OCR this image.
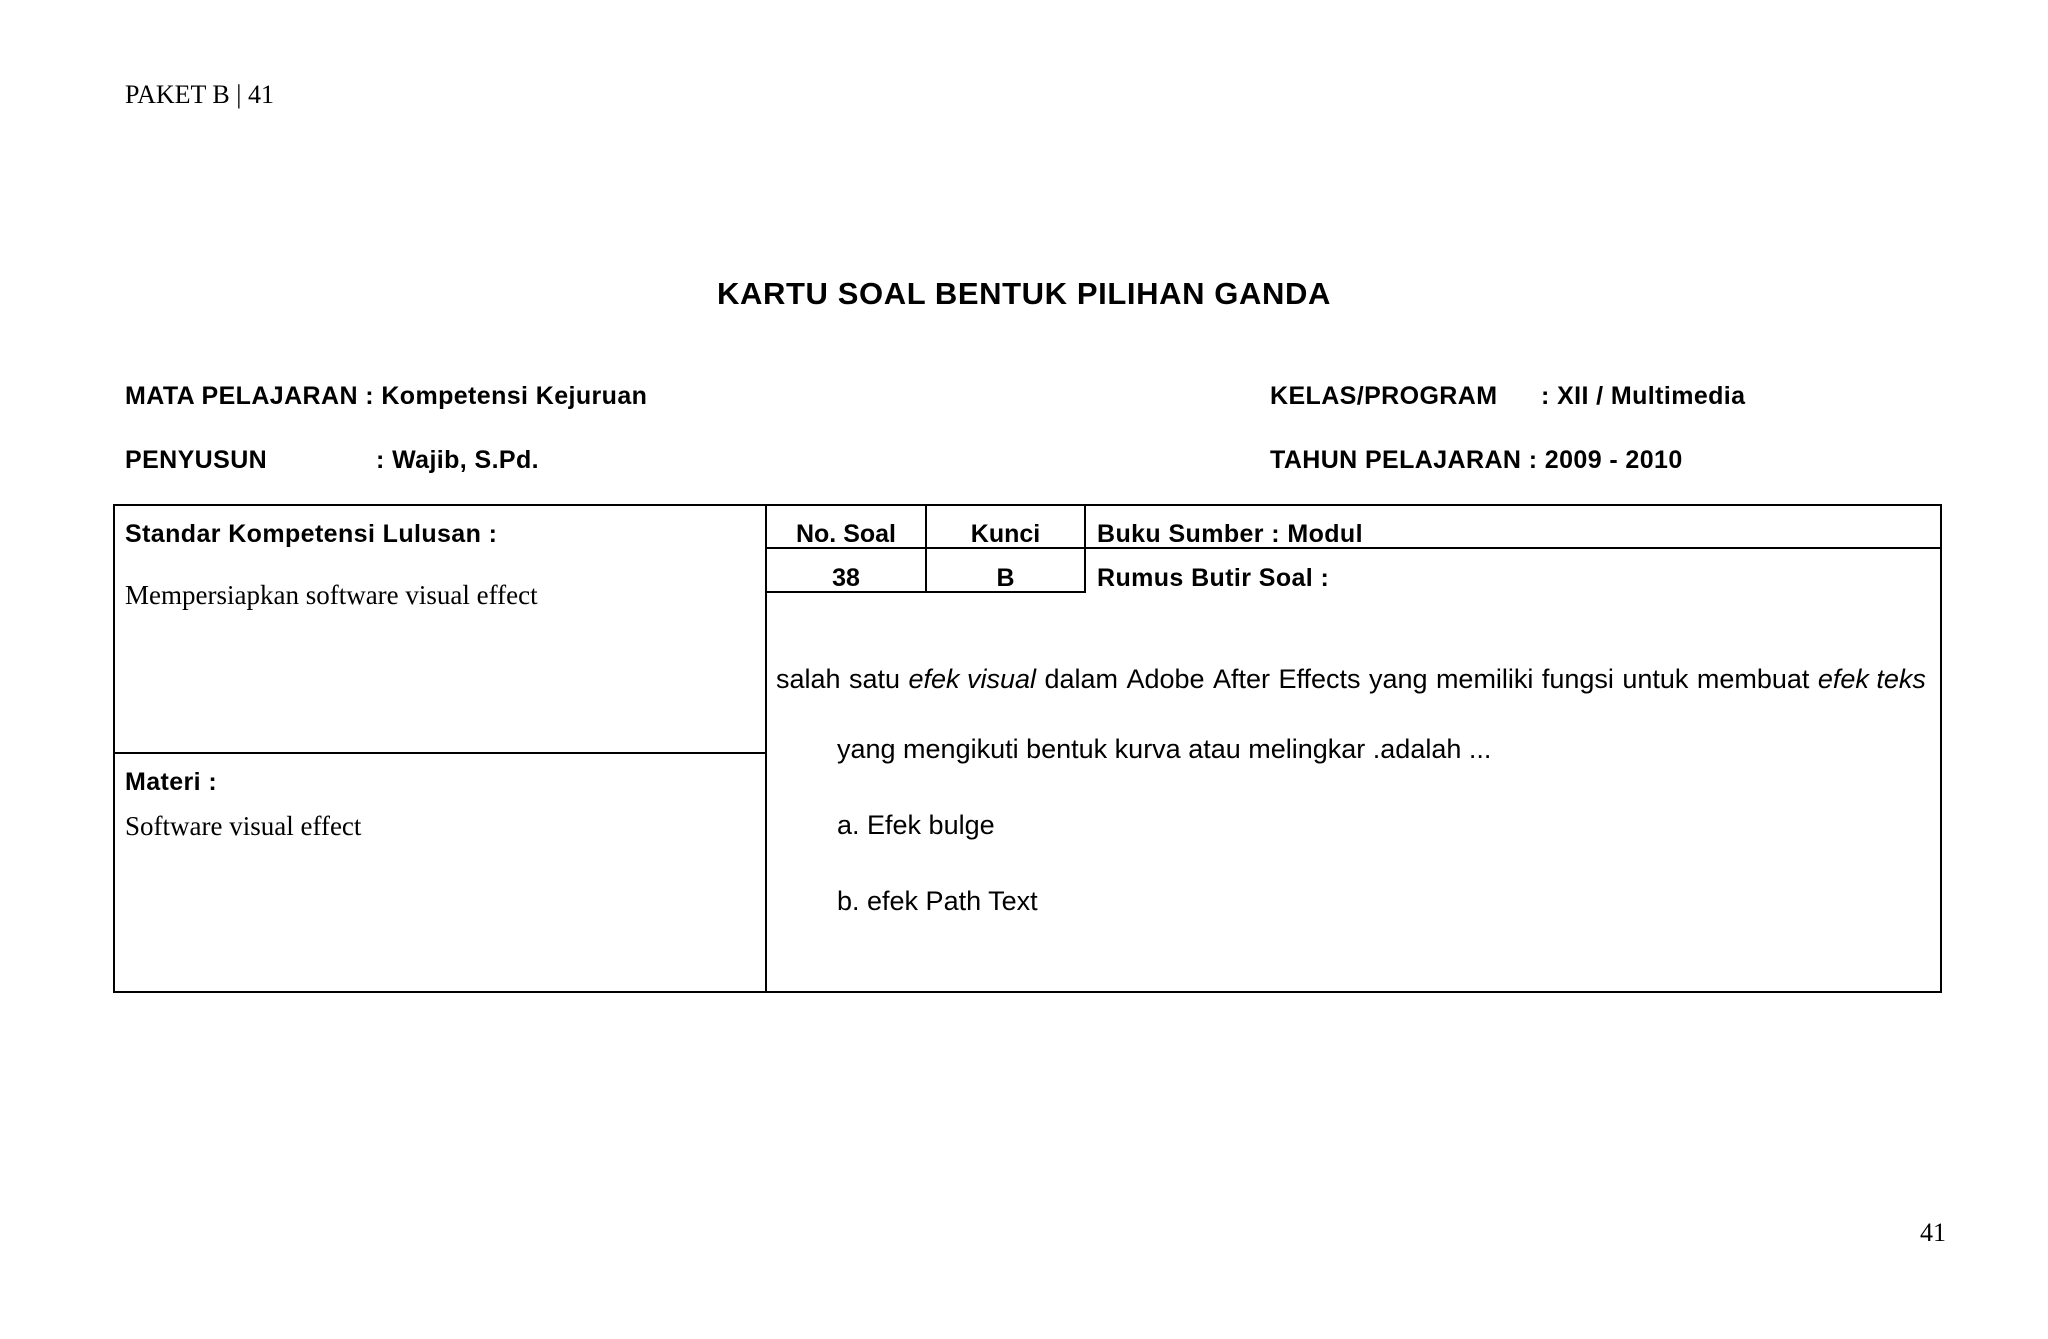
PAKET B | 41
KARTU SOAL BENTUK PILIHAN GANDA
MATA PELAJARAN : Kompetensi Kejuruan
PENYUSUN	: Wajib, S.Pd.
KELAS/PROGRAM : XII / Multimedia
TAHUN PELAJARAN : 2009 - 2010
Standar Kompetensi Lulusan :
Mempersiapkan software visual effect
Materi :
Software visual effect
No. Soal	Kunci
38	B
Buku Sumber : Modul
Rumus Butir Soal :
salah satu efek visual dalam Adobe After Effects yang memiliki fungsi untuk membuat efek teks
yang mengikuti bentuk kurva atau melingkar .adalah ...
a. Efek bulge
b. efek Path Text
41
